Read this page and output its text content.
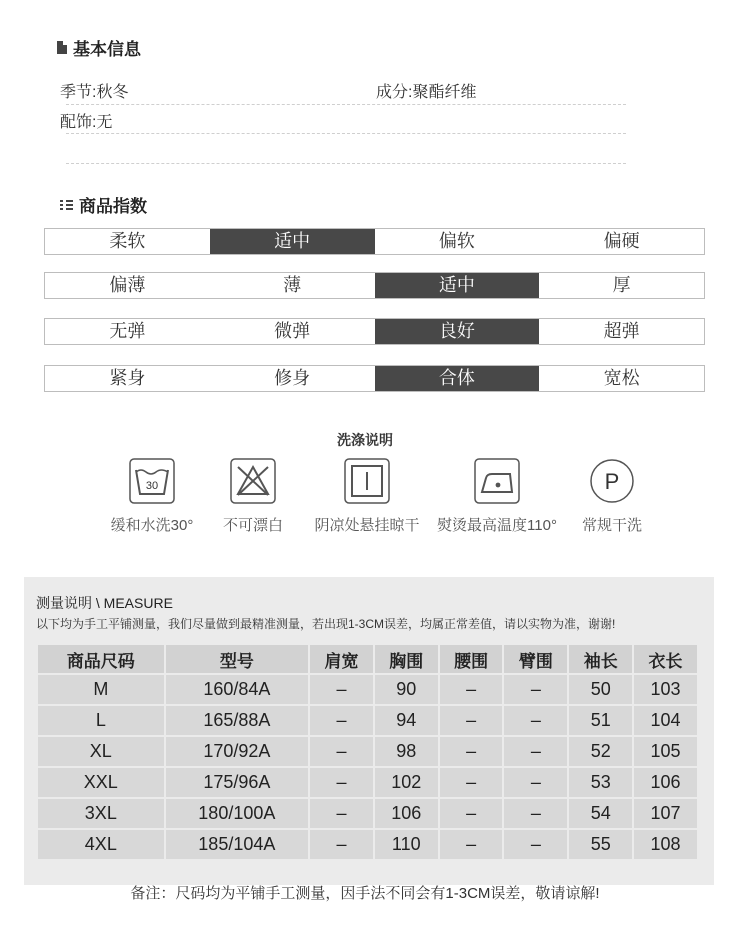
基本信息
季节:秋冬	成分:聚酯纤维
配饰:无
商品指数
柔软	适中	偏软	偏硬
偏薄	薄	适中	厚
无弹	微弹	良好	超弹
紧身	修身	合体	宽松
洗涤说明
30
缓和水洗30°	不可漂白	阴凉处悬挂晾干	熨烫最高温度110°
P
常规干洗
测量说明 \ MEASURE
以下均为手工平铺测量，我们尽量做到最精准测量，若出现1-3CM误差，均属正常差值，请以实物为准，谢谢!
商品尺码	型号	肩宽	胸围	腰围	臂围	袖长	衣长
M	160/84A	–	90	–	–	50	103
L	165/88A	–	94	–	–	51	104
XL	170/92A	–	98	–	–	52	105
XXL	175/96A	–	102	–	–	53	106
3XL	180/100A	–	106	–	–	54	107
4XL	185/104A	–	110	–	–	55	108
备注：尺码均为平铺手工测量，因手法不同会有1-3CM误差，敬请谅解!
